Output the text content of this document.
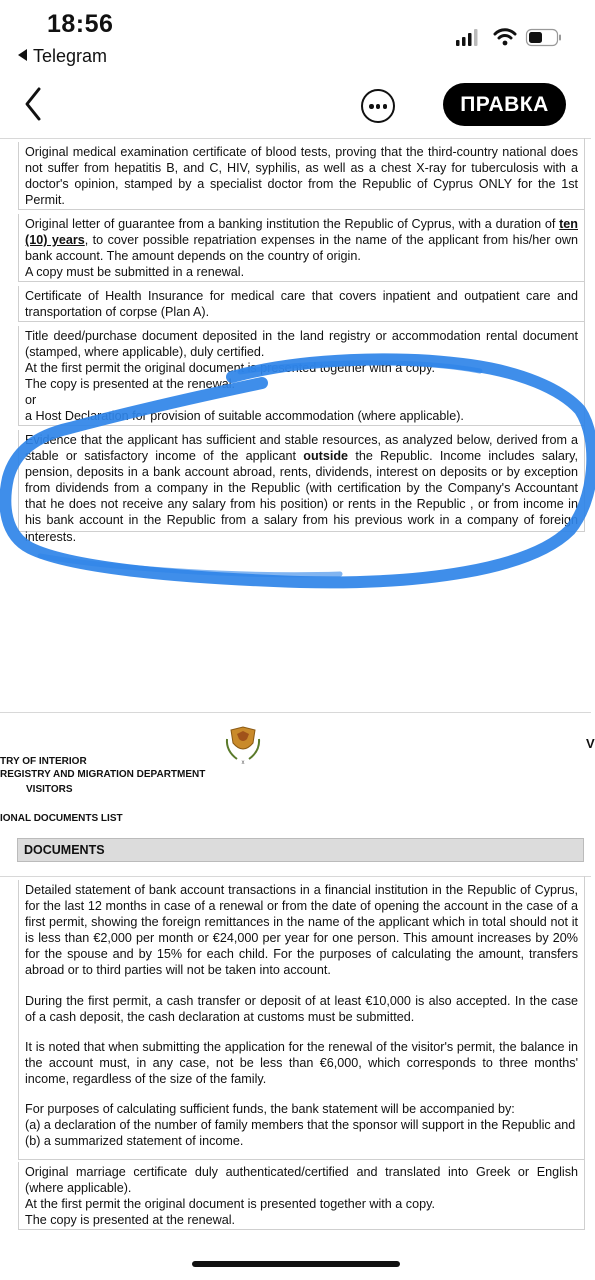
18:56
Telegram
ПРАВКА

Original medical examination certificate of blood tests, proving that the third-country national does not suffer from hepatitis B, and C, HIV, syphilis, as well as a chest X-ray for tuberculosis with a doctor's opinion, stamped by a specialist doctor from the Republic of Cyprus ONLY for the 1st Permit.

Original letter of guarantee from a banking institution the Republic of Cyprus, with a duration of ten (10) years, to cover possible repatriation expenses in the name of the applicant from his/her own bank account. The amount depends on the country of origin.

A copy must be submitted in a renewal.

Certificate of Health Insurance for medical care that covers inpatient and outpatient care and transportation of corpse (Plan A).

Title deed/purchase document deposited in the land registry or accommodation rental document (stamped, where applicable), duly certified.

At the first permit the original document is presented together with a copy.

The copy is presented at the renewal.

or

a Host Declaration for provision of suitable accommodation (where applicable).

Evidence that the applicant has sufficient and stable resources, as analyzed below, derived from a stable or satisfactory income of the applicant outside the Republic. Income includes salary, pension, deposits in a bank account abroad, rents, dividends, interest on deposits or by exception from dividends from a company in the Republic (with certification by the Company's Accountant that he does not receive any salary from his position) or rents in the Republic , or from income in his bank account in the Republic from a salary from his previous work in a company of foreign interests.

x
V
TRY OF INTERIOR
REGISTRY AND MIGRATION DEPARTMENT
VISITORS
IONAL DOCUMENTS LIST
DOCUMENTS

Detailed statement of bank account transactions in a financial institution in the Republic of Cyprus, for the last 12 months in case of a renewal or from the date of opening the account in the case of a first permit, showing the foreign remittances in the name of the applicant which in total should not it is less than €2,000 per month or €24,000 per year for one person. This amount increases by 20% for the spouse and by 15% for each child. For the purposes of calculating the amount, transfers abroad or to third parties will not be taken into account.

During the first permit, a cash transfer or deposit of at least €10,000 is also accepted. In the case of a cash deposit, the cash declaration at customs must be submitted.

It is noted that when submitting the application for the renewal of the visitor's permit, the balance in the account must, in any case, not be less than €6,000, which corresponds to three months' income, regardless of the size of the family.

For purposes of calculating sufficient funds, the bank statement will be accompanied by:

(a) a declaration of the number of family members that the sponsor will support in the Republic and

(b) a summarized statement of income.

Original marriage certificate duly authenticated/certified and translated into Greek or English (where applicable).

At the first permit the original document is presented together with a copy.

The copy is presented at the renewal.
